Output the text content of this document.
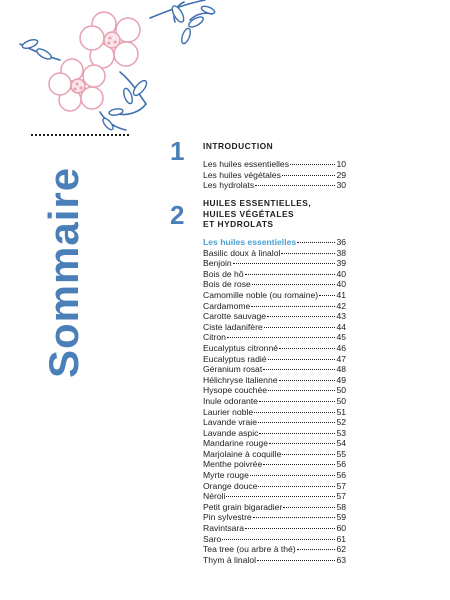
Sommaire
1 INTRODUCTION
Les huiles essentielles	10
Les huiles végétales	29
Les hydrolats	30
2 HUILES ESSENTIELLES,
HUILES VÉGÉTALES
ET HYDROLATS
Les huiles essentielles	36
Basilic doux à linalol	38
Benjoin	39
Bois de hô	40
Bois de rose	40
Camomille noble (ou romaine) 41
Cardamome	42
Carotte sauvage	43
Ciste ladanifère	44
Citron	45
Eucalyptus citronné	46
Eucalyptus radié	47
Géranium rosat	48
Hélichryse italienne	49
Hysope couchée	50
Inule odorante	50
Laurier noble	51
Lavande vraie	52
Lavande aspic	53
Mandarine rouge	54
Marjolaine à coquille	55
Menthe poivrée	56
Myrte rouge	56
Orange douce	57
Néroli	57
Petit grain bigaradier	58
Pin sylvestre	59
Ravintsara	60
Saro	61
Tea tree (ou arbre à thé)	62
Thym à linalol	63
